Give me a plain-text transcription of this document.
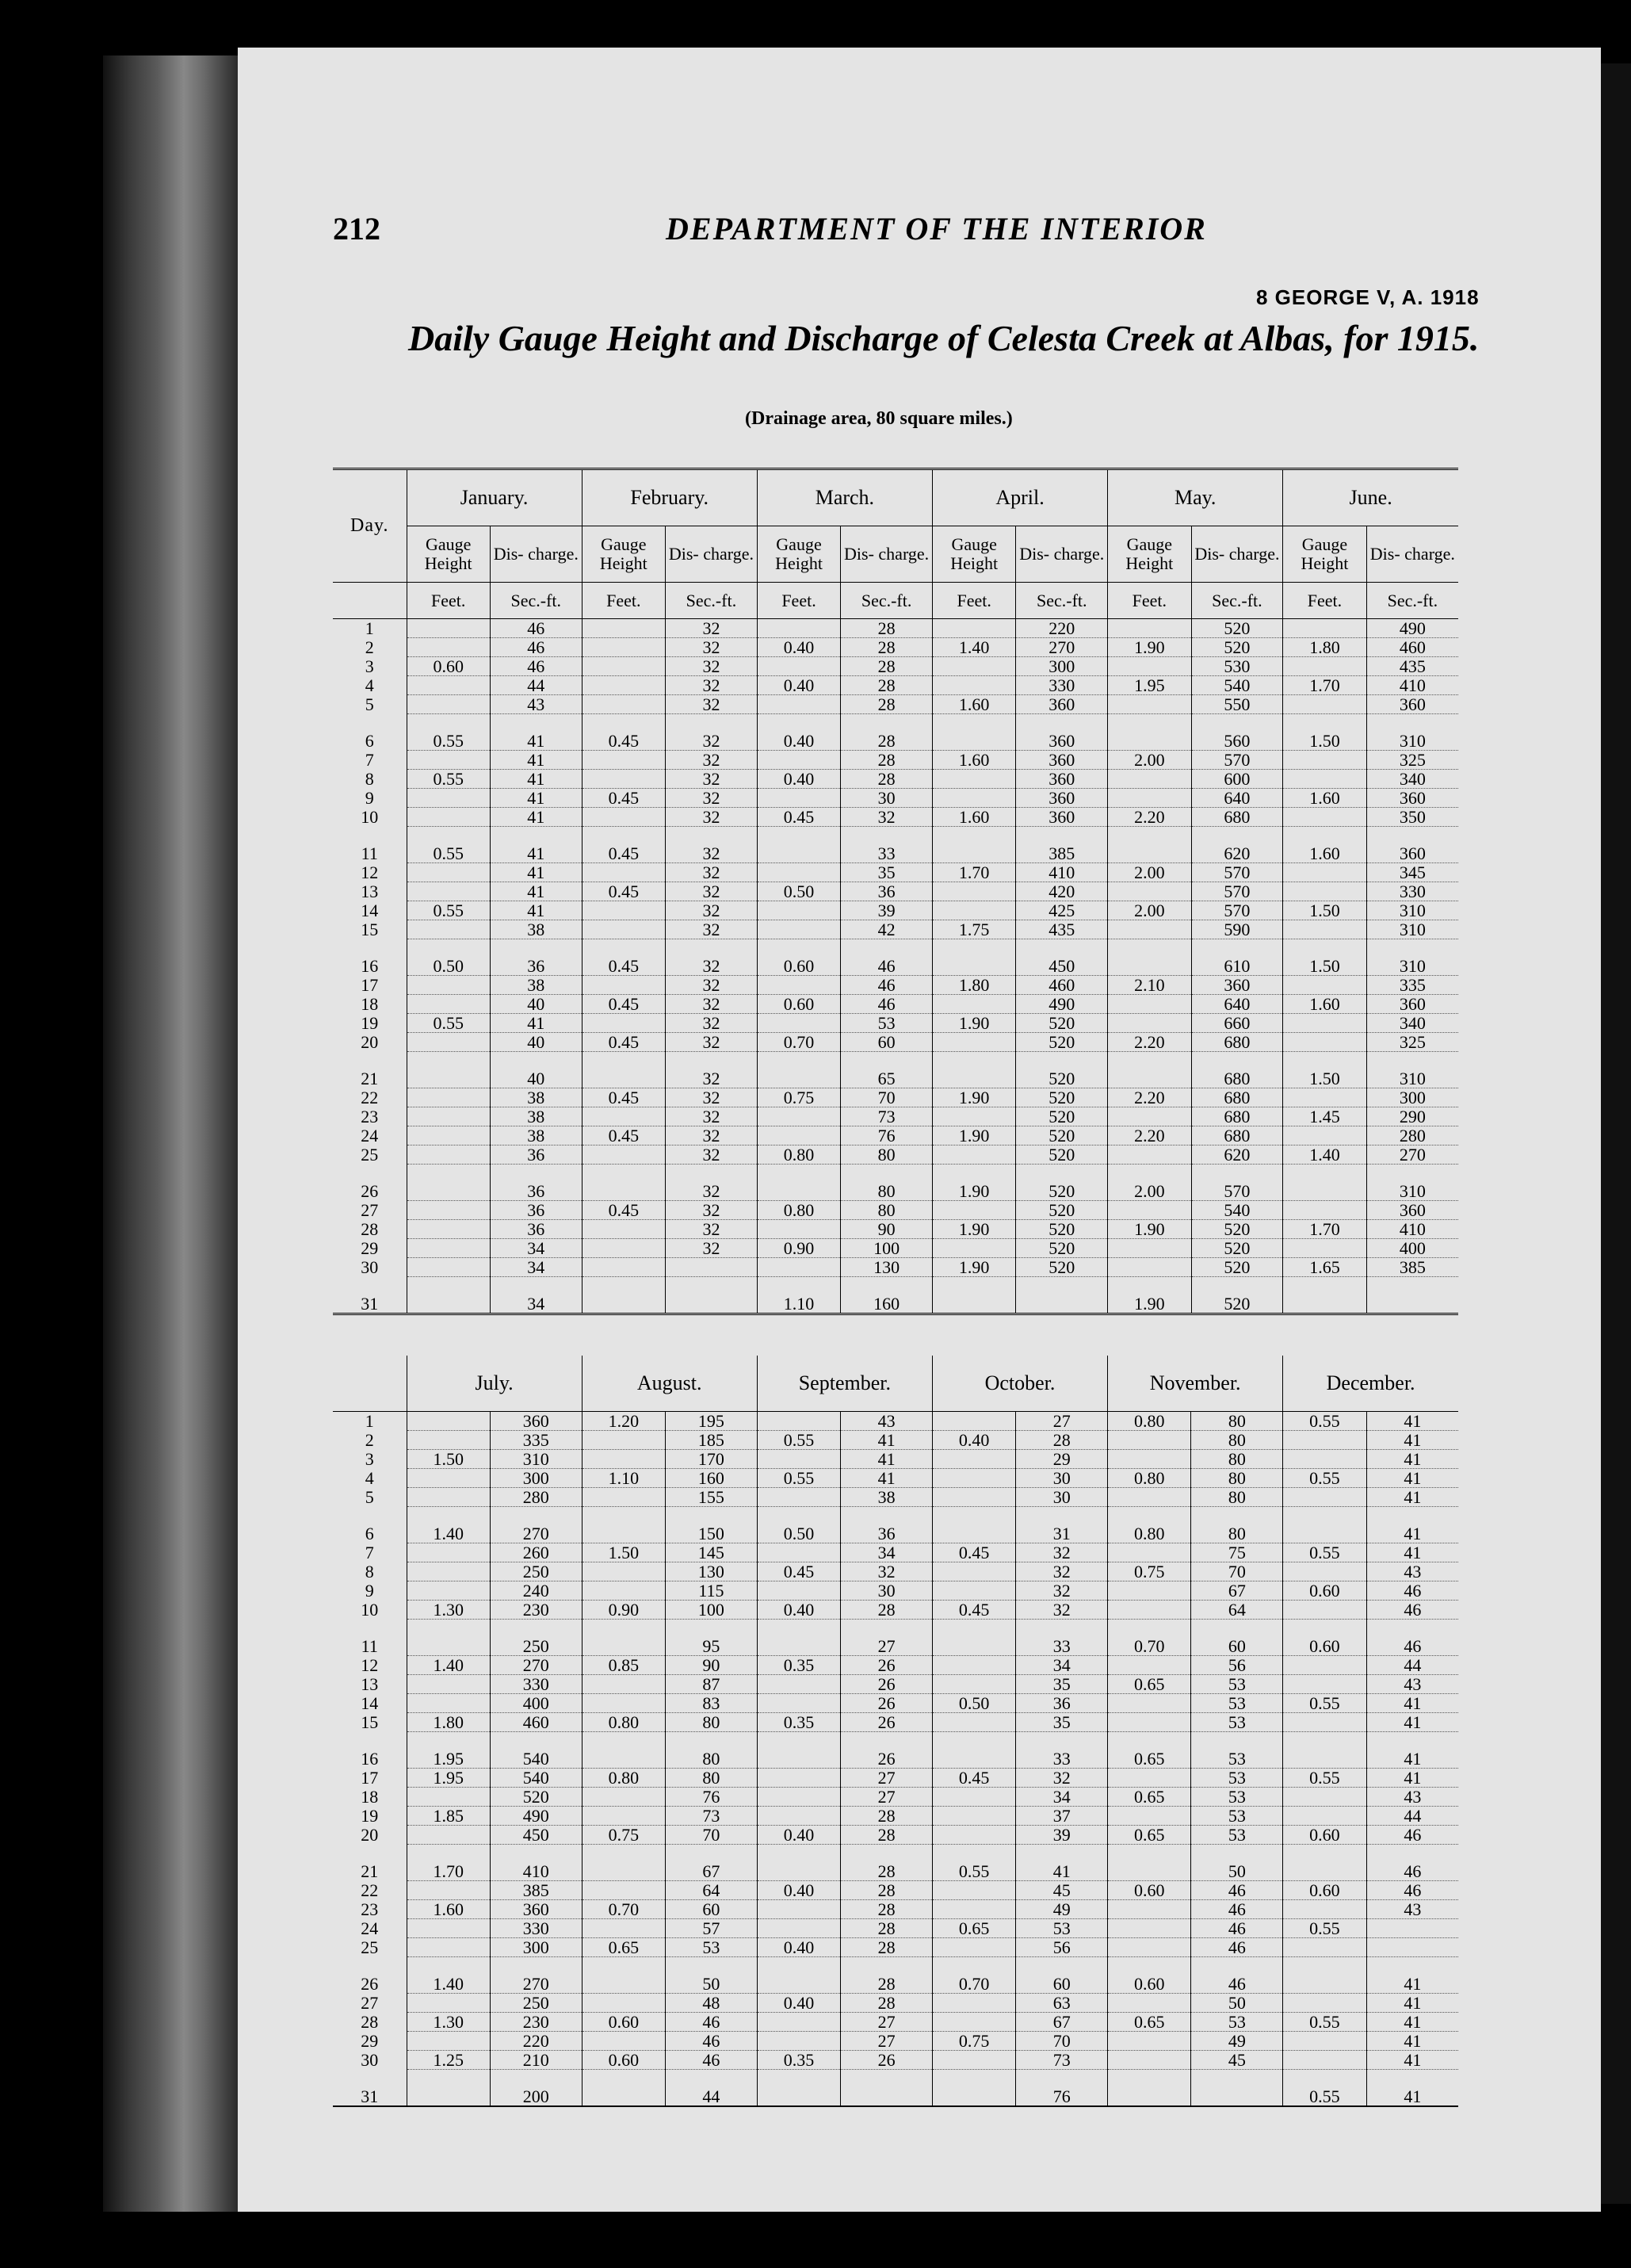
212	DEPARTMENT OF THE INTERIOR
8 GEORGE V, A. 1918
Daily Gauge Height and Discharge of Celesta Creek at Albas, for 1915.
(Drainage area, 80 square miles.)
Day.	January.		February.		March.		April.		May.		June.	
	Gauge Height	Dis- charge.	Gauge Height	Dis- charge.	Gauge Height	Dis- charge.	Gauge Height	Dis- charge.	Gauge Height	Dis- charge.	Gauge Height	Dis- charge.
	Feet.	Sec.-ft.	Feet.	Sec.-ft.	Feet.	Sec.-ft.	Feet.	Sec.-ft.	Feet.	Sec.-ft.	Feet.	Sec.-ft.
1		46		32		28		220		520		490
2		46		32	0.40	28	1.40	270	1.90	520	1.80	460
3	0.60	46		32		28		300		530		435
4		44		32	0.40	28		330	1.95	540	1.70	410
5		43		32		28	1.60	360		550		360

6	0.55	41	0.45	32	0.40	28		360		560	1.50	310
7		41		32		28	1.60	360	2.00	570		325
8	0.55	41		32	0.40	28		360		600		340
9		41	0.45	32		30		360		640	1.60	360
10		41		32	0.45	32	1.60	360	2.20	680		350

11	0.55	41	0.45	32		33		385		620	1.60	360
12		41		32		35	1.70	410	2.00	570		345
13		41	0.45	32	0.50	36		420		570		330
14	0.55	41		32		39		425	2.00	570	1.50	310
15		38		32		42	1.75	435		590		310

16	0.50	36	0.45	32	0.60	46		450		610	1.50	310
17		38		32		46	1.80	460	2.10	360		335
18		40	0.45	32	0.60	46		490		640	1.60	360
19	0.55	41		32		53	1.90	520		660		340
20		40	0.45	32	0.70	60		520	2.20	680		325

21		40		32		65		520		680	1.50	310
22		38	0.45	32	0.75	70	1.90	520	2.20	680		300
23		38		32		73		520		680	1.45	290
24		38	0.45	32		76	1.90	520	2.20	680		280
25		36		32	0.80	80		520		620	1.40	270

26		36		32		80	1.90	520	2.00	570		310
27		36	0.45	32	0.80	80		520		540		360
28		36		32		90	1.90	520	1.90	520	1.70	410
29		34		32	0.90	100		520		520		400
30		34				130	1.90	520		520	1.65	385

31		34			1.10	160			1.90	520		

	July.		August.		September.		October.		November.		December.	
1		360	1.20	195		43		27	0.80	80	0.55	41
2		335		185	0.55	41	0.40	28		80		41
3	1.50	310		170		41		29		80		41
4		300	1.10	160	0.55	41		30	0.80	80	0.55	41
5		280		155		38		30		80		41

6	1.40	270		150	0.50	36		31	0.80	80		41
7		260	1.50	145		34	0.45	32		75	0.55	41
8		250		130	0.45	32		32	0.75	70		43
9		240		115		30		32		67	0.60	46
10	1.30	230	0.90	100	0.40	28	0.45	32		64		46

11		250		95		27		33	0.70	60	0.60	46
12	1.40	270	0.85	90	0.35	26		34		56		44
13		330		87		26		35	0.65	53		43
14		400		83		26	0.50	36		53	0.55	41
15	1.80	460	0.80	80	0.35	26		35		53		41

16	1.95	540		80		26		33	0.65	53		41
17	1.95	540	0.80	80		27	0.45	32		53	0.55	41
18		520		76		27		34	0.65	53		43
19	1.85	490		73		28		37		53		44
20		450	0.75	70	0.40	28		39	0.65	53	0.60	46

21	1.70	410		67		28	0.55	41		50		46
22		385		64	0.40	28		45	0.60	46	0.60	46
23	1.60	360	0.70	60		28		49		46		43
24		330		57		28	0.65	53		46	0.55	
25		300	0.65	53	0.40	28		56		46		

26	1.40	270		50		28	0.70	60	0.60	46		41
27		250		48	0.40	28		63		50		41
28	1.30	230	0.60	46		27		67	0.65	53	0.55	41
29		220		46		27	0.75	70		49		41
30	1.25	210	0.60	46	0.35	26		73		45		41

31		200		44				76			0.55	41
